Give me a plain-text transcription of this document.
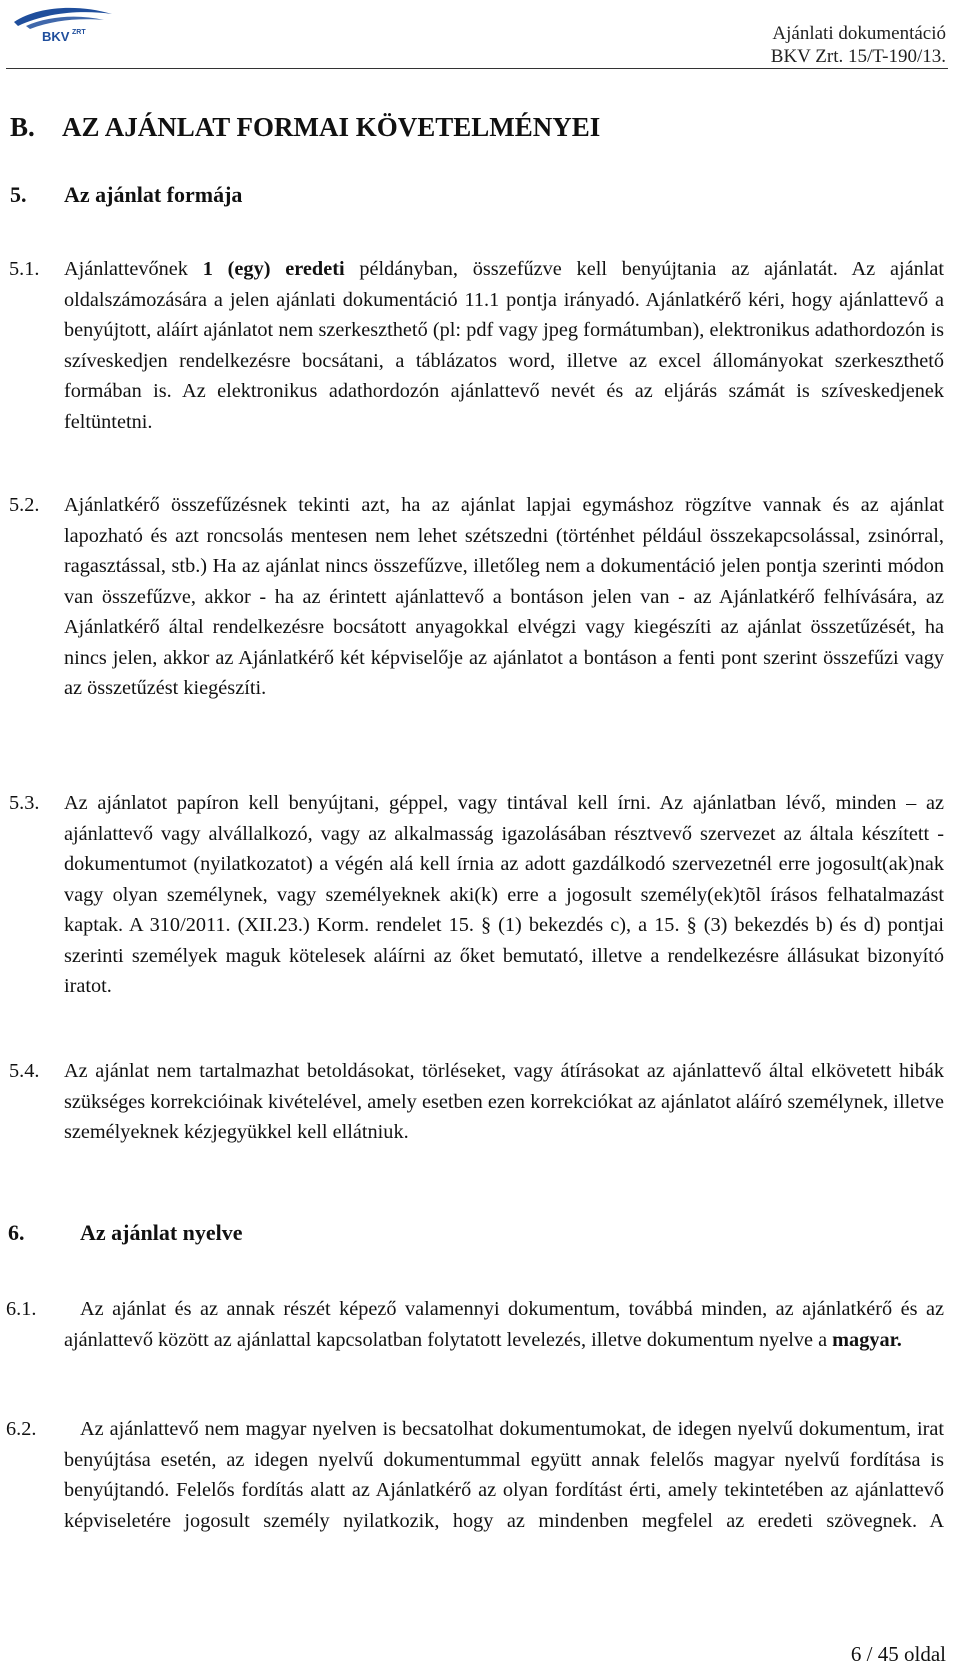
BKV ZRT	Ajánlati dokumentáció
BKV Zrt. 15/T-190/13.
B. AZ AJÁNLAT FORMAI KÖVETELMÉNYEI
5. Az ajánlat formája
5.1. Ajánlattevőnek 1 (egy) eredeti példányban, összefűzve kell benyújtania az ajánlatát. Az ajánlat oldalszámozására a jelen ajánlati dokumentáció 11.1 pontja irányadó. Ajánlatkérő kéri, hogy ajánlattevő a benyújtott, aláírt ajánlatot nem szerkeszthető (pl: pdf vagy jpeg formátumban), elektronikus adathordozón is szíveskedjen rendelkezésre bocsátani, a táblázatos word, illetve az excel állományokat szerkeszthető formában is. Az elektronikus adathordozón ajánlattevő nevét és az eljárás számát is szíveskedjenek feltüntetni.

5.2. Ajánlatkérő összefűzésnek tekinti azt, ha az ajánlat lapjai egymáshoz rögzítve vannak és az ajánlat lapozható és azt roncsolás mentesen nem lehet szétszedni (történhet például összekapcsolással, zsinórral, ragasztással, stb.) Ha az ajánlat nincs összefűzve, illetőleg nem a dokumentáció jelen pontja szerinti módon van összefűzve, akkor - ha az érintett ajánlattevő a bontáson jelen van - az Ajánlatkérő felhívására, az Ajánlatkérő által rendelkezésre bocsátott anyagokkal elvégzi vagy kiegészíti az ajánlat összetűzését, ha nincs jelen, akkor az Ajánlatkérő két képviselője az ajánlatot a bontáson a fenti pont szerint összefűzi vagy az összetűzést kiegészíti.

5.3. Az ajánlatot papíron kell benyújtani, géppel, vagy tintával kell írni. Az ajánlatban lévő, minden – az ajánlattevő vagy alvállalkozó, vagy az alkalmasság igazolásában résztvevő szervezet az általa készített - dokumentumot (nyilatkozatot) a végén alá kell írnia az adott gazdálkodó szervezetnél erre jogosult(ak)nak vagy olyan személynek, vagy személyeknek aki(k) erre a jogosult személy(ek)tõl írásos felhatalmazást kaptak. A 310/2011. (XII.23.) Korm. rendelet 15. § (1) bekezdés c), a 15. § (3) bekezdés b) és d) pontjai szerinti személyek maguk kötelesek aláírni az őket bemutató, illetve a rendelkezésre állásukat bizonyító iratot.

5.4. Az ajánlat nem tartalmazhat betoldásokat, törléseket, vagy átírásokat az ajánlattevő által elkövetett hibák szükséges korrekcióinak kivételével, amely esetben ezen korrekciókat az ajánlatot aláíró személynek, illetve személyeknek kézjegyükkel kell ellátniuk.

6.	Az ajánlat nyelve
6.1.	Az ajánlat és az annak részét képező valamennyi dokumentum, továbbá minden, az ajánlatkérő és az ajánlattevő között az ajánlattal kapcsolatban folytatott levelezés, illetve dokumentum nyelve a magyar.

6.2.	Az ajánlattevő nem magyar nyelven is becsatolhat dokumentumokat, de idegen nyelvű dokumentum, irat benyújtása esetén, az idegen nyelvű dokumentummal együtt annak felelős magyar nyelvű fordítása is benyújtandó. Felelős fordítás alatt az Ajánlatkérő az olyan fordítást érti, amely tekintetében az ajánlattevő képviseletére jogosult személy nyilatkozik, hogy az mindenben megfelel az eredeti szövegnek. A

6 / 45 oldal
